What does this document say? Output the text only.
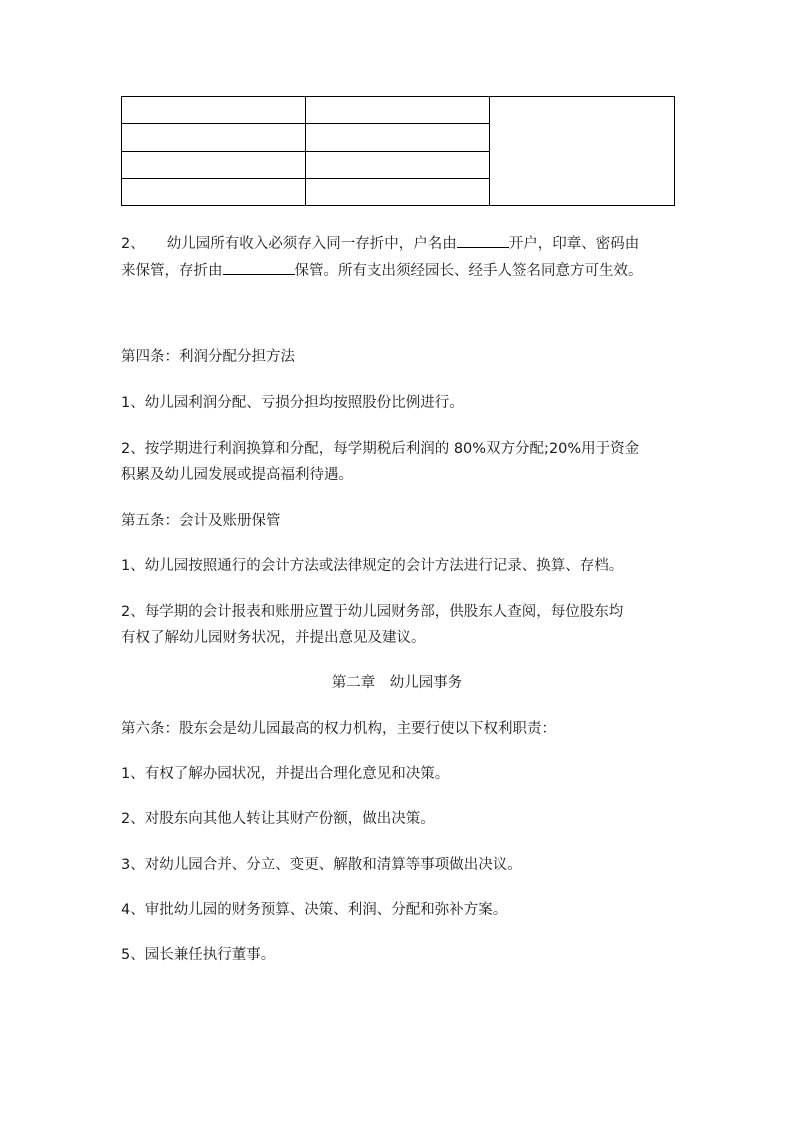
2、 幼儿园所有收入必须存入同一存折中，户名由	开户，印章、密码由
来保管，存折由	保管。所有支出须经园长、经手人签名同意方可生效。
第四条：利润分配分担方法
1、幼儿园利润分配、亏损分担均按照股份比例进行。
2、按学期进行利润换算和分配，每学期税后利润的 80%双方分配;20%用于资金
积累及幼儿园发展或提高福利待遇。
第五条：会计及账册保管
1、幼儿园按照通行的会计方法或法律规定的会计方法进行记录、换算、存档。
2、每学期的会计报表和账册应置于幼儿园财务部，供股东人查阅，每位股东均
有权了解幼儿园财务状况，并提出意见及建议。
第二章　幼儿园事务
第六条：股东会是幼儿园最高的权力机构，主要行使以下权利职责：
1、有权了解办园状况，并提出合理化意见和决策。
2、对股东向其他人转让其财产份额，做出决策。
3、对幼儿园合并、分立、变更、解散和清算等事项做出决议。
4、审批幼儿园的财务预算、决策、利润、分配和弥补方案。
5、园长兼任执行董事。
